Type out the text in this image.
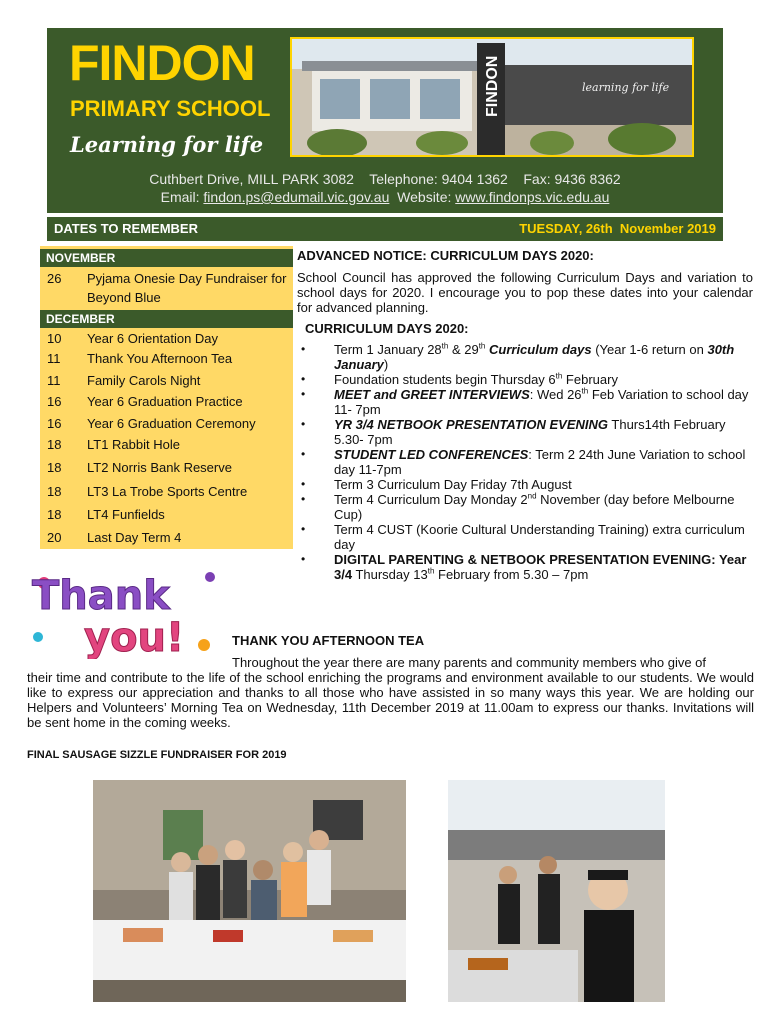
FINDON
PRIMARY SCHOOL
Learning for life
FINDON	learning for life
Cuthbert Drive, MILL PARK 3082    Telephone: 9404 1362    Fax: 9436 8362
Email: findon.ps@edumail.vic.gov.au  Website: www.findonps.vic.edu.au
DATES TO REMEMBER	TUESDAY, 26th  November 2019
NOVEMBER
26 Pyjama Onesie Day Fundraiser for Beyond Blue
DECEMBER
10 Year 6 Orientation Day
11 Thank You Afternoon Tea
11 Family Carols Night
16 Year 6 Graduation Practice
16 Year 6 Graduation Ceremony
18 LT1 Rabbit Hole
18 LT2 Norris Bank Reserve
18 LT3 La Trobe Sports Centre
18 LT4 Funfields
20 Last Day Term 4
ADVANCED NOTICE: CURRICULUM DAYS 2020:
School Council has approved the following Curriculum Days and variation to school days for 2020. I encourage you to pop these dates into your calendar for advanced planning.
CURRICULUM DAYS 2020:
• Term 1 January 28th & 29th Curriculum days (Year 1-6 return on 30th January)
• Foundation students begin Thursday 6th February
• MEET and GREET INTERVIEWS: Wed 26th Feb Variation to school day 11- 7pm
• YR 3/4 NETBOOK PRESENTATION EVENING Thurs14th February 5.30- 7pm
• STUDENT LED CONFERENCES: Term 2 24th June Variation to school day 11-7pm
• Term 3 Curriculum Day Friday 7th August
• Term 4 Curriculum Day Monday 2nd November (day before Melbourne Cup)
• Term 4 CUST (Koorie Cultural Understanding Training) extra curriculum day
• DIGITAL PARENTING & NETBOOK PRESENTATION EVENING: Year 3/4 Thursday 13th February from 5.30 – 7pm
Thank
you!	THANK YOU AFTERNOON TEA
Throughout the year there are many parents and community members who give of
their time and contribute to the life of the school enriching the programs and environment available to our students. We would like to express our appreciation and thanks to all those who have assisted in so many ways this year. We are holding our Helpers and Volunteers’ Morning Tea on Wednesday, 11th December 2019 at 11.00am to express our thanks. Invitations will be sent home in the coming weeks.
FINAL SAUSAGE SIZZLE FUNDRAISER FOR 2019
